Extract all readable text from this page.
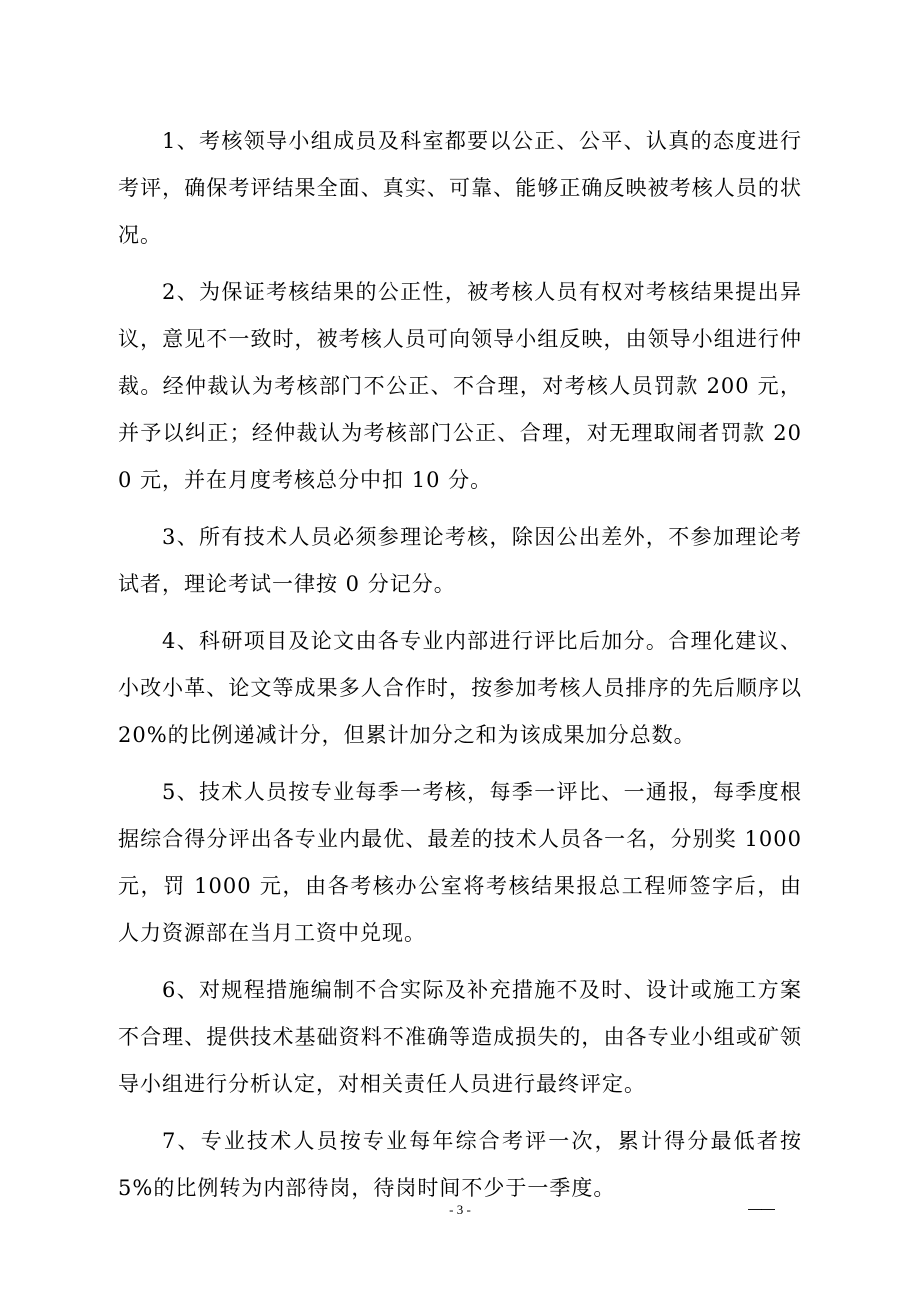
1、考核领导小组成员及科室都要以公正、公平、认真的态度进行考评，确保考评结果全面、真实、可靠、能够正确反映被考核人员的状况。

2、为保证考核结果的公正性，被考核人员有权对考核结果提出异议，意见不一致时，被考核人员可向领导小组反映，由领导小组进行仲裁。经仲裁认为考核部门不公正、不合理，对考核人员罚款 200 元，并予以纠正；经仲裁认为考核部门公正、合理，对无理取闹者罚款 200 元，并在月度考核总分中扣 10 分。

3、所有技术人员必须参理论考核，除因公出差外，不参加理论考试者，理论考试一律按 0 分记分。

4、科研项目及论文由各专业内部进行评比后加分。合理化建议、小改小革、论文等成果多人合作时，按参加考核人员排序的先后顺序以 20%的比例递减计分，但累计加分之和为该成果加分总数。

5、技术人员按专业每季一考核，每季一评比、一通报，每季度根据综合得分评出各专业内最优、最差的技术人员各一名，分别奖 1000 元，罚 1000 元，由各考核办公室将考核结果报总工程师签字后，由人力资源部在当月工资中兑现。

6、对规程措施编制不合实际及补充措施不及时、设计或施工方案不合理、提供技术基础资料不准确等造成损失的，由各专业小组或矿领导小组进行分析认定，对相关责任人员进行最终评定。

7、专业技术人员按专业每年综合考评一次，累计得分最低者按5%的比例转为内部待岗，待岗时间不少于一季度。

- 3 -	——
